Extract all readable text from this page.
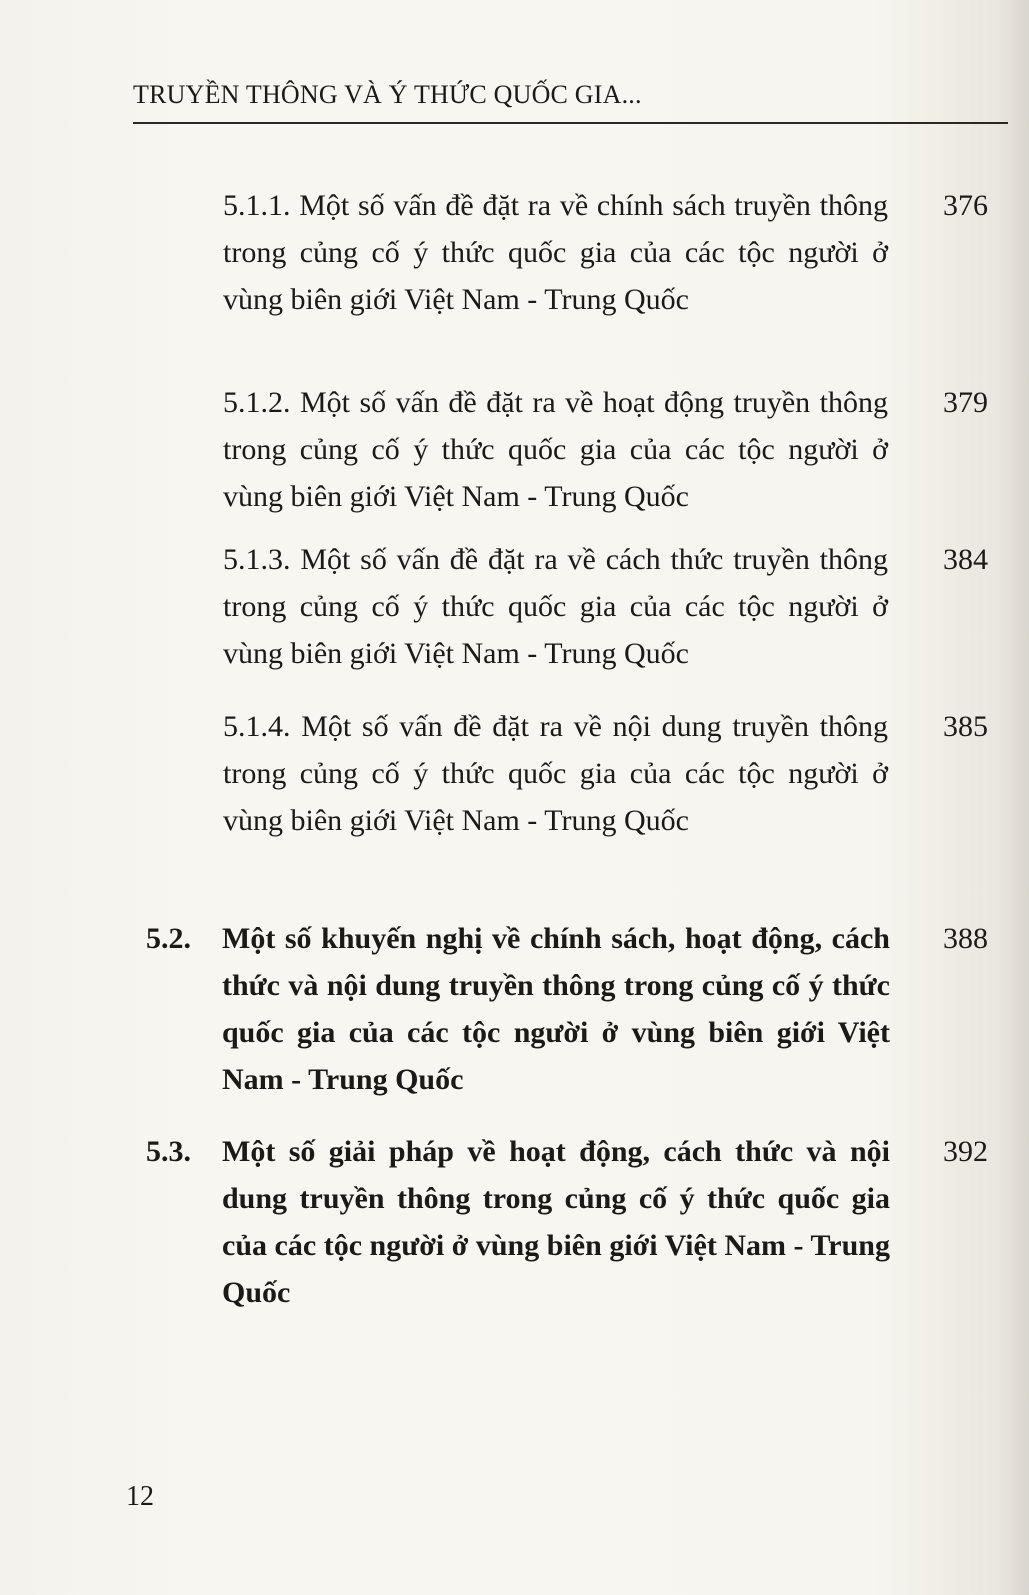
TRUYỀN THÔNG VÀ Ý THỨC QUỐC GIA...
5.1.1. Một số vấn đề đặt ra về chính sách truyền thông trong củng cố ý thức quốc gia của các tộc người ở vùng biên giới Việt Nam - Trung Quốc
376
5.1.2. Một số vấn đề đặt ra về hoạt động truyền thông trong củng cố ý thức quốc gia của các tộc người ở vùng biên giới Việt Nam - Trung Quốc
379
5.1.3. Một số vấn đề đặt ra về cách thức truyền thông trong củng cố ý thức quốc gia của các tộc người ở vùng biên giới Việt Nam - Trung Quốc
384
5.1.4. Một số vấn đề đặt ra về nội dung truyền thông trong củng cố ý thức quốc gia của các tộc người ở vùng biên giới Việt Nam - Trung Quốc
385
5.2. Một số khuyến nghị về chính sách, hoạt động, cách thức và nội dung truyền thông trong củng cố ý thức quốc gia của các tộc người ở vùng biên giới Việt Nam - Trung Quốc
388
5.3. Một số giải pháp về hoạt động, cách thức và nội dung truyền thông trong củng cố ý thức quốc gia của các tộc người ở vùng biên giới Việt Nam - Trung Quốc
392
12
